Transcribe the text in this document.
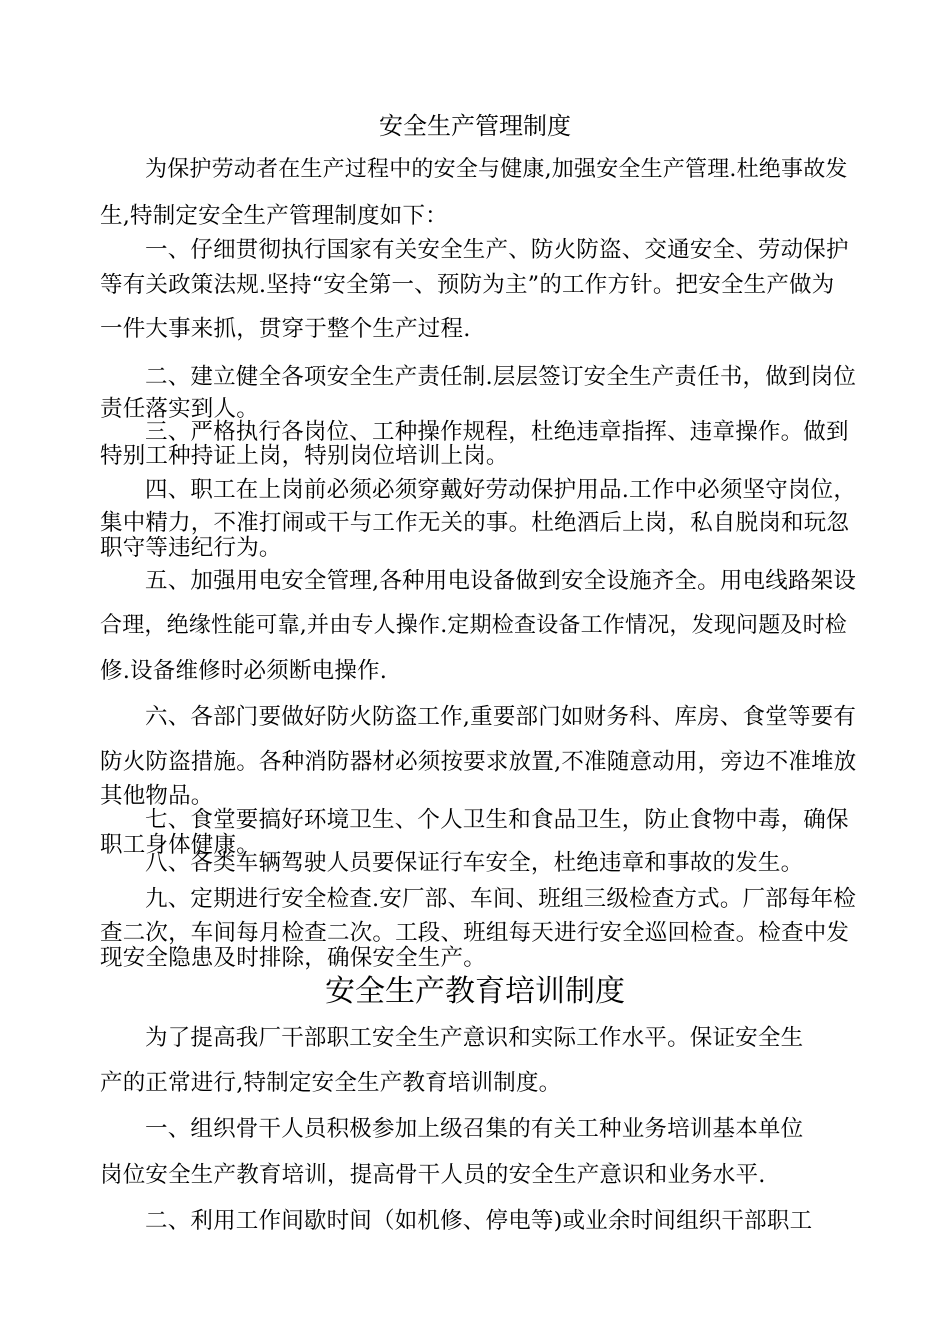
安全生产管理制度
为保护劳动者在生产过程中的安全与健康,加强安全生产管理.杜绝事故发
生,特制定安全生产管理制度如下：
一、仔细贯彻执行国家有关安全生产、防火防盗、交通安全、劳动保护
等有关政策法规.坚持“安全第一、预防为主”的工作方针。把安全生产做为
一件大事来抓，贯穿于整个生产过程.
二、建立健全各项安全生产责任制.层层签订安全生产责任书，做到岗位
责任落实到人。
三、严格执行各岗位、工种操作规程，杜绝违章指挥、违章操作。做到
特别工种持证上岗，特别岗位培训上岗。
四、职工在上岗前必须必须穿戴好劳动保护用品.工作中必须坚守岗位，
集中精力，不准打闹或干与工作无关的事。杜绝酒后上岗，私自脱岗和玩忽
职守等违纪行为。
五、加强用电安全管理,各种用电设备做到安全设施齐全。用电线路架设
合理，绝缘性能可靠,并由专人操作.定期检查设备工作情况，发现问题及时检
修.设备维修时必须断电操作.
六、各部门要做好防火防盗工作,重要部门如财务科、库房、食堂等要有
防火防盗措施。各种消防器材必须按要求放置,不准随意动用，旁边不准堆放
其他物品。
七、食堂要搞好环境卫生、个人卫生和食品卫生，防止食物中毒，确保
职工身体健康。
八、各类车辆驾驶人员要保证行车安全，杜绝违章和事故的发生。
九、定期进行安全检查.安厂部、车间、班组三级检查方式。厂部每年检
查二次，车间每月检查二次。工段、班组每天进行安全巡回检查。检查中发
现安全隐患及时排除，确保安全生产。
安全生产教育培训制度
为了提高我厂干部职工安全生产意识和实际工作水平。保证安全生
产的正常进行,特制定安全生产教育培训制度。
一、组织骨干人员积极参加上级召集的有关工种业务培训基本单位
岗位安全生产教育培训，提高骨干人员的安全生产意识和业务水平.
二、利用工作间歇时间（如机修、停电等)或业余时间组织干部职工
